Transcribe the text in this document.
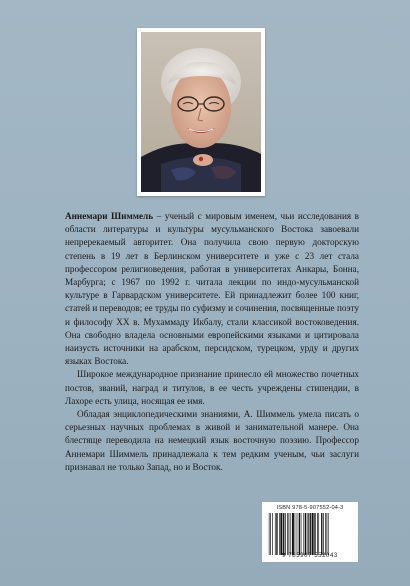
Аннемари Шиммель – ученый с мировым именем, чьи исследования в области литературы и культуры мусульманского Востока завоевали непререкаемый авторитет. Она получила свою первую докторскую степень в 19 лет в Берлинском университете и уже с 23 лет стала профессором религиоведения, работая в университетах Анкары, Бонна, Марбурга; с 1967 по 1992 г. читала лекции по индо-мусульманской культуре в Гарвардском университете. Ей принадлежит более 100 книг, статей и переводов; ее труды по суфизму и сочинения, посвященные поэту и философу XX в. Мухаммаду Икбалу, стали классикой востоковедения. Она свободно владела основными европейскими языками и цитировала наизусть источники на арабском, персидском, турецком, урду и других языках Востока.

Широкое международное признание принесло ей множество почетных постов, званий, наград и титулов, в ее честь учреждены стипендии, в Лахоре есть улица, носящая ее имя.

Обладая энциклопедическими знаниями, А. Шиммель умела писать о серьезных научных проблемах в живой и занимательной манере. Она блестяще переводила на немецкий язык восточную поэзию. Профессор Аннемари Шиммель принадлежала к тем редким ученым, чьи заслуги признавал не только Запад, но и Восток.

ISBN 978-5-907552-04-3
9 785907 552043
